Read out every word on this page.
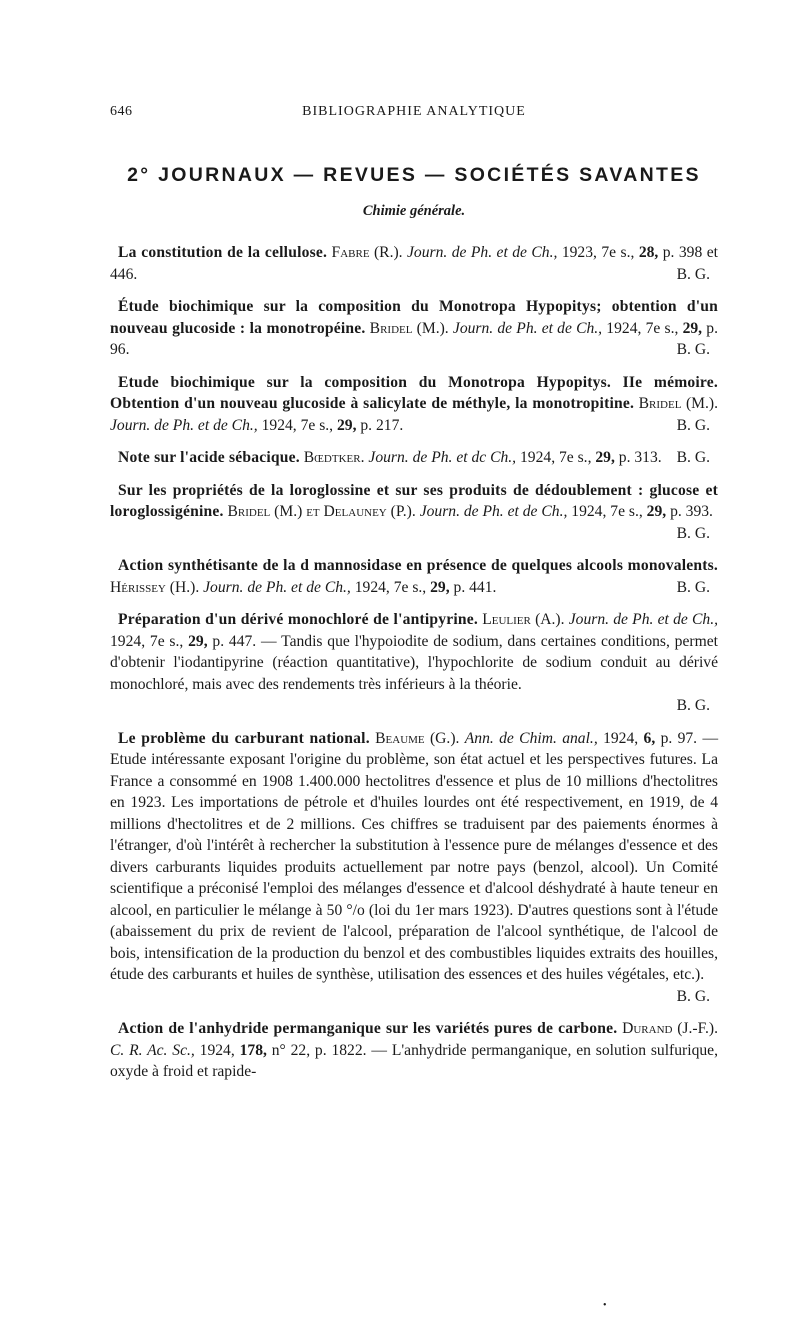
646	BIBLIOGRAPHIE ANALYTIQUE
2° JOURNAUX — REVUES — SOCIÉTÉS SAVANTES
Chimie générale.

La constitution de la cellulose. Fabre (R.). Journ. de Ph. et de Ch., 1923, 7e s., 28, p. 398 et 446.	B. G.

Étude biochimique sur la composition du Monotropa Hypopitys; obtention d'un nouveau glucoside : la monotropéine. Bridel (M.). Journ. de Ph. et de Ch., 1924, 7e s., 29, p. 96.	B. G.

Etude biochimique sur la composition du Monotropa Hypopitys. IIe mémoire. Obtention d'un nouveau glucoside à salicylate de méthyle, la monotropitine. Bridel (M.). Journ. de Ph. et de Ch., 1924, 7e s., 29, p. 217.	B. G.

Note sur l'acide sébacique. Bœdtker. Journ. de Ph. et dc Ch., 1924, 7e s., 29, p. 313. B. G.

Sur les propriétés de la loroglossine et sur ses produits de dédoublement : glucose et loroglossigénine. Bridel (M.) et Delauney (P.). Journ. de Ph. et de Ch., 1924, 7e s., 29, p. 393.
B. G.

Action synthétisante de la d mannosidase en présence de quelques alcools monovalents. Hérissey (H.). Journ. de Ph. et de Ch., 1924, 7e s., 29, p. 441.	B. G.

Préparation d'un dérivé monochloré de l'antipyrine. Leulier (A.). Journ. de Ph. et de Ch., 1924, 7e s., 29, p. 447. — Tandis que l'hypoiodite de sodium, dans certaines conditions, permet d'obtenir l'iodantipyrine (réaction quantitative), l'hypochlorite de sodium conduit au dérivé monochloré, mais avec des rendements très inférieurs à la théorie.
B. G.

Le problème du carburant national. Beaume (G.). Ann. de Chim. anal., 1924, 6, p. 97. — Etude intéressante exposant l'origine du problème, son état actuel et les perspectives futures. La France a consommé en 1908 1.400.000 hectolitres d'essence et plus de 10 millions d'hectolitres en 1923. Les importations de pétrole et d'huiles lourdes ont été respectivement, en 1919, de 4 millions d'hectolitres et de 2 millions. Ces chiffres se traduisent par des paiements énormes à l'étranger, d'où l'intérêt à rechercher la substitution à l'essence pure de mélanges d'essence et des divers carburants liquides produits actuellement par notre pays (benzol, alcool). Un Comité scientifique a préconisé l'emploi des mélanges d'essence et d'alcool déshydraté à haute teneur en alcool, en particulier le mélange à 50 °/o (loi du 1er mars 1923). D'autres questions sont à l'étude (abaissement du prix de revient de l'alcool, préparation de l'alcool synthétique, de l'alcool de bois, intensification de la production du benzol et des combustibles liquides extraits des houilles, étude des carburants et huiles de synthèse, utilisation des essences et des huiles végétales, etc.).
B. G.

Action de l'anhydride permanganique sur les variétés pures de carbone. Durand (J.-F.). C. R. Ac. Sc., 1924, 178, n° 22, p. 1822. — L'anhydride permanganique, en solution sulfurique, oxyde à froid et rapide-

•
